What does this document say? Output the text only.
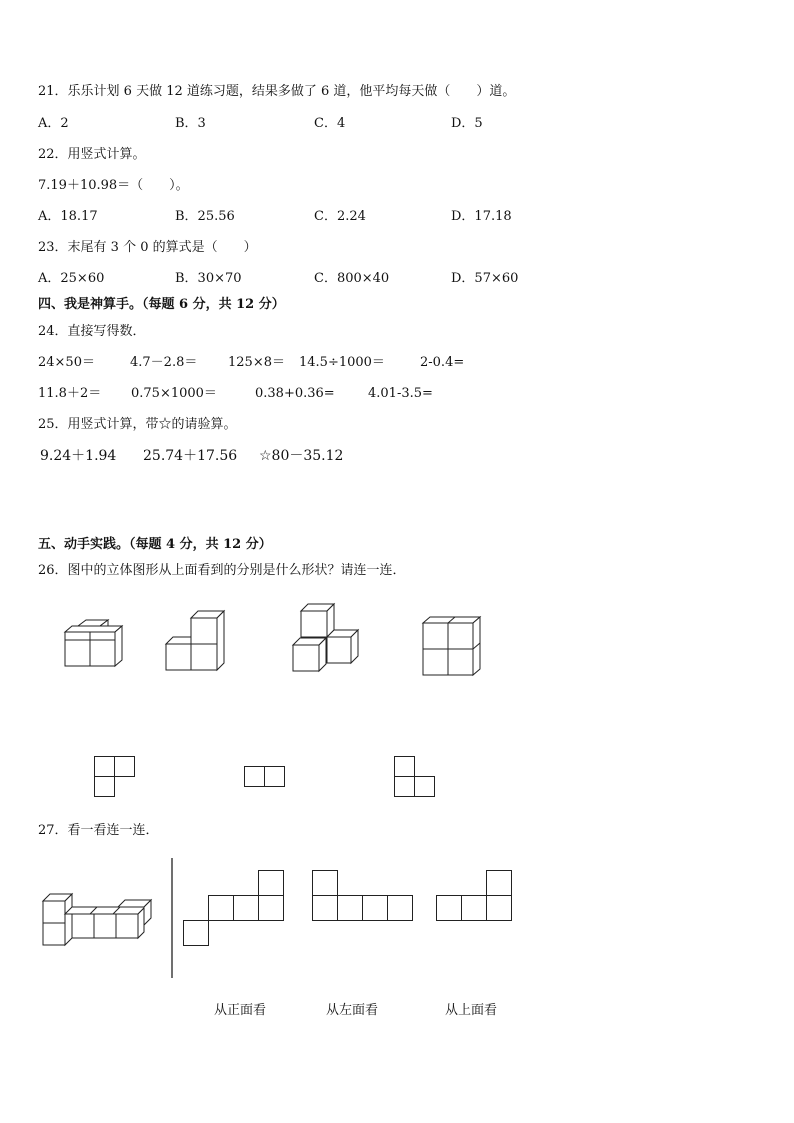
21．乐乐计划 6 天做 12 道练习题，结果多做了 6 道，他平均每天做（　　）道。
A．2	B．3	C．4	D．5
22．用竖式计算。
7.19＋10.98＝（　　）。
A．18.17	B．25.56	C．2.24	D．17.18
23．末尾有 3 个 0 的算式是（　　）
A．25×60	B．30×70	C．800×40	D．57×60
四、我是神算手。（每题 6 分，共 12 分）
24．直接写得数．
24×50＝	4.7－2.8＝ 125×8＝ 14.5÷1000＝	2-0.4=
11.8＋2＝ 0.75×1000＝	0.38+0.36=	4.01-3.5=
25．用竖式计算，带☆的请验算。
9.24＋1.94 25.74＋17.56 ☆80－35.12
五、动手实践。（每题 4 分，共 12 分）
26．图中的立体图形从上面看到的分别是什么形状？请连一连．
27．看一看连一连．
从正面看	从左面看	从上面看
